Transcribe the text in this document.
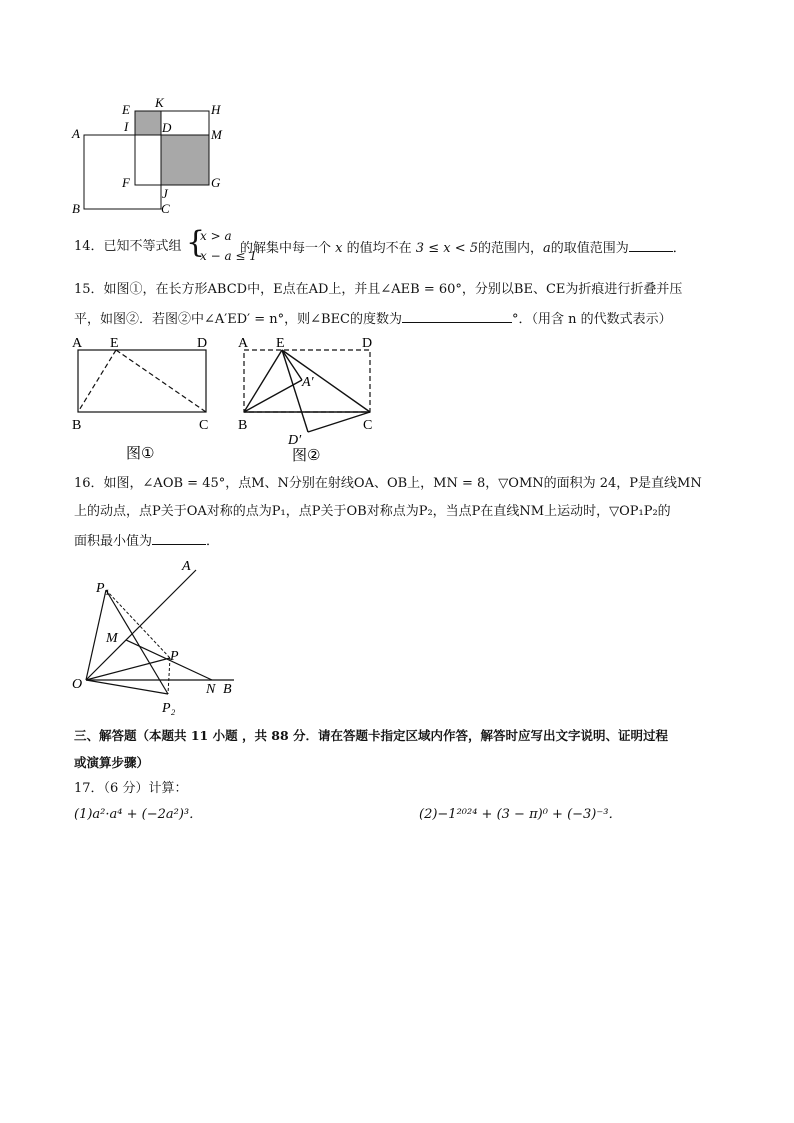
E K	H
A	I	D	M
F	G
J
B	C
14．已知不等式组 {
x > a
x − a ≤ 1
的解集中每一个 x 的值均不在 3 ≤ x < 5的范围内，a的取值范围为	．
15．如图①，在长方形ABCD中，E点在AD上，并且∠AEB = 60°，分别以BE、CE为折痕进行折叠并压
平，如图②．若图②中∠A′ED′ = n°，则∠BEC的度数为	°．（用含 n 的代数式表示）
A E	D
B	C
图①
A E	D
A′
B	C
D′
图②
16．如图，∠AOB = 45°，点M、N分别在射线OA、OB上，MN = 8，▽OMN的面积为 24，P是直线MN
上的动点，点P关于OA对称的点为P₁，点P关于OB对称点为P₂，当点P在直线NM上运动时，▽OP₁P₂的
面积最小值为	．
A
P₁
M
P
O	N B
P₂
三、解答题（本题共 11 小题 ，共 88 分．请在答题卡指定区域内作答，解答时应写出文字说明、证明过程
或演算步骤）
17．（6 分）计算：
(1)a²·a⁴ + (−2a²)³．	(2)−1²⁰²⁴ + (3 − π)⁰ + (−3)⁻³．
